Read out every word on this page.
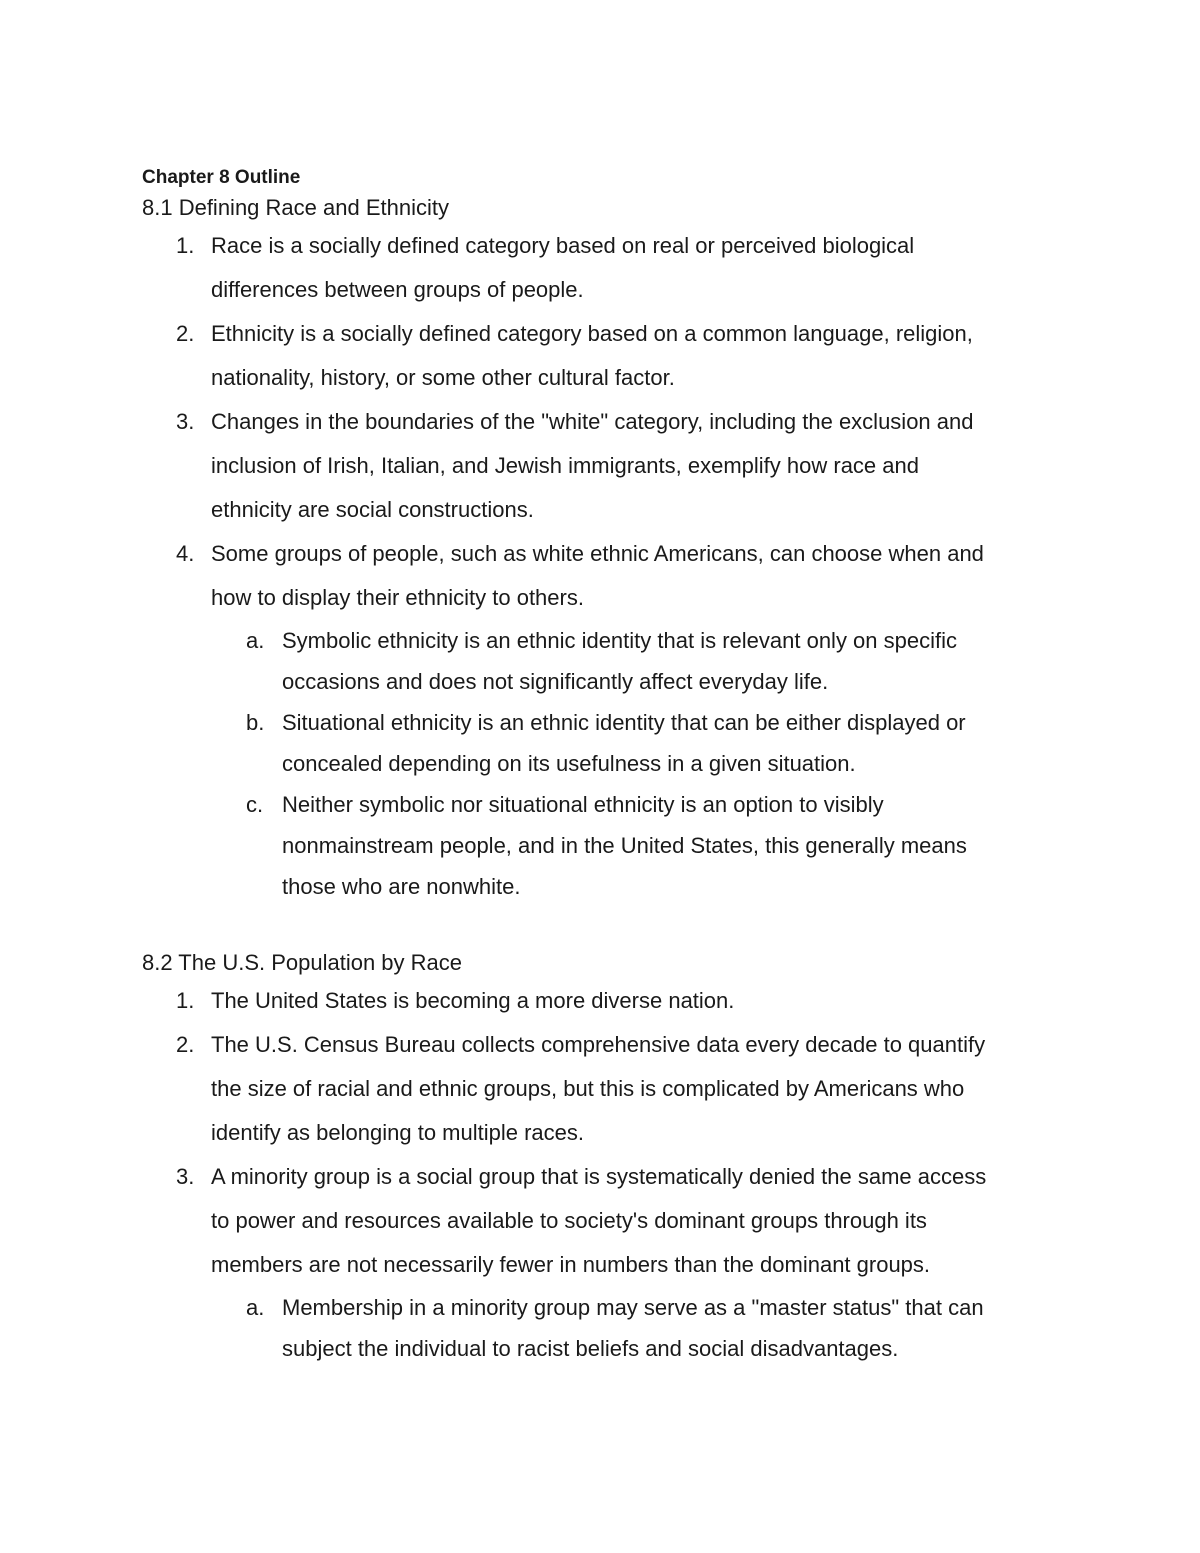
Chapter 8 Outline
8.1 Defining Race and Ethnicity
1. Race is a socially defined category based on real or perceived biological
differences between groups of people.
2. Ethnicity is a socially defined category based on a common language, religion,
nationality, history, or some other cultural factor.
3. Changes in the boundaries of the "white" category, including the exclusion and
inclusion of Irish, Italian, and Jewish immigrants, exemplify how race and
ethnicity are social constructions.
4. Some groups of people, such as white ethnic Americans, can choose when and
how to display their ethnicity to others.
a. Symbolic ethnicity is an ethnic identity that is relevant only on specific
occasions and does not significantly affect everyday life.
b. Situational ethnicity is an ethnic identity that can be either displayed or
concealed depending on its usefulness in a given situation.
c. Neither symbolic nor situational ethnicity is an option to visibly
nonmainstream people, and in the United States, this generally means
those who are nonwhite.
8.2 The U.S. Population by Race
1. The United States is becoming a more diverse nation.
2. The U.S. Census Bureau collects comprehensive data every decade to quantify
the size of racial and ethnic groups, but this is complicated by Americans who
identify as belonging to multiple races.
3. A minority group is a social group that is systematically denied the same access
to power and resources available to society's dominant groups through its
members are not necessarily fewer in numbers than the dominant groups.
a. Membership in a minority group may serve as a "master status" that can
subject the individual to racist beliefs and social disadvantages.
